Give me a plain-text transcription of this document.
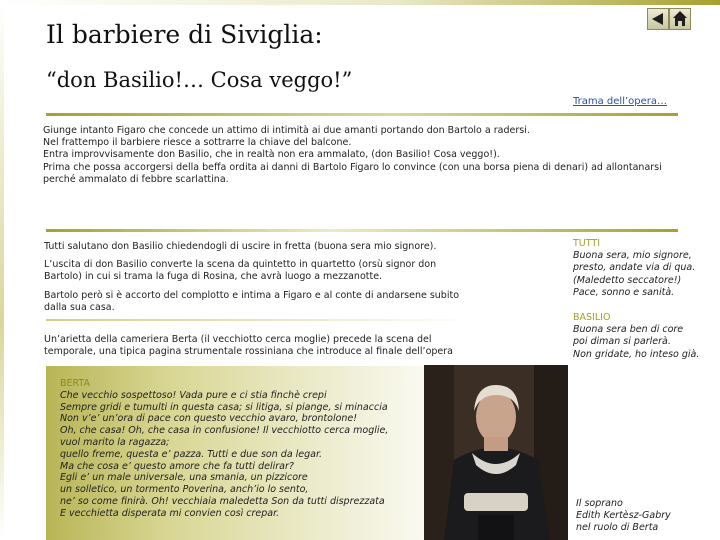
Il barbiere di Siviglia:
“don Basilio!… Cosa veggo!”
Trama dell’opera…

Giunge intanto Figaro che concede un attimo di intimità ai due amanti portando don Bartolo a radersi.

Nel frattempo il barbiere riesce a sottrarre la chiave del balcone.

Entra improvvisamente don Basilio, che in realtà non era ammalato, (don Basilio! Cosa veggo!).

Prima che possa accorgersi della beffa ordita ai danni di Bartolo Figaro lo convince (con una borsa piena di denari) ad allontanarsi perché ammalato di febbre scarlattina.

Tutti salutano don Basilio chiedendogli di uscire in fretta (buona sera mio signore).

L’uscita di don Basilio converte la scena da quintetto in quartetto (orsù signor don Bartolo) in cui si trama la fuga di Rosina, che avrà luogo a mezzanotte.

Bartolo però si è accorto del complotto e intima a Figaro e al conte di andarsene subito dalla sua casa.

Un’arietta della cameriera Berta (il vecchiotto cerca moglie) precede la scena del temporale, una tipica pagina strumentale rossiniana che introduce al finale dell’opera

TUTTI
Buona sera, mio signore,
presto, andate via di qua.
(Maledetto seccatore!)
Pace, sonno e sanità.
BASILIO
Buona sera ben di core
poi diman si parlerà.
Non gridate, ho inteso già.
BERTA
Che vecchio sospettoso! Vada pure e ci stia finchè crepi
Sempre gridi e tumulti in questa casa; si litiga, si piange, si minaccia
Non v’e’ un’ora di pace con questo vecchio avaro, brontolone!
Oh, che casa! Oh, che casa in confusione! Il vecchiotto cerca moglie,
vuol marito la ragazza;
quello freme, questa e’ pazza. Tutti e due son da legar.
Ma che cosa e’ questo amore che fa tutti delirar?
Egli e’ un male universale, una smania, un pizzicore
un solletico, un tormento Poverina, anch’io lo sento,
ne’ so come finirà. Oh! vecchiaia maledetta Son da tutti disprezzata
E vecchietta disperata mi convien così crepar.
Il soprano
Edith Kertèsz-Gabry
nel ruolo di Berta
